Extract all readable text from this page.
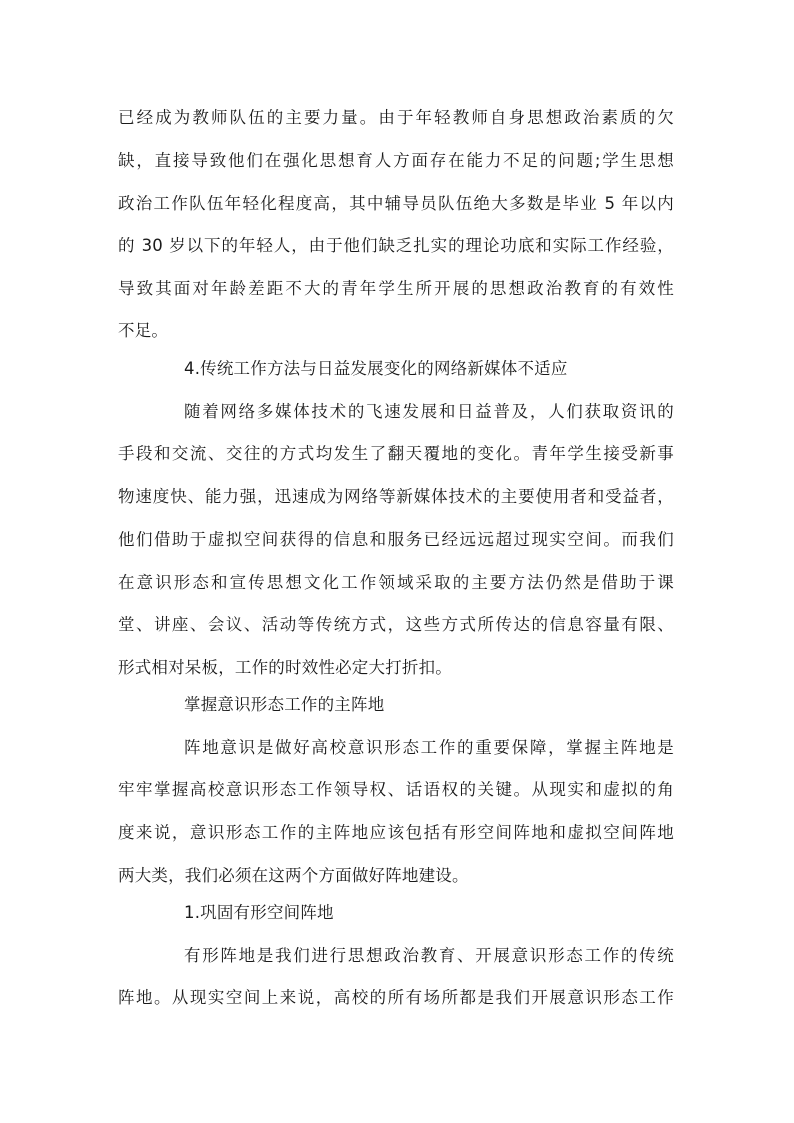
已经成为教师队伍的主要力量。由于年轻教师自身思想政治素质的欠
缺，直接导致他们在强化思想育人方面存在能力不足的问题;学生思想
政治工作队伍年轻化程度高，其中辅导员队伍绝大多数是毕业 5 年以内
的 30 岁以下的年轻人，由于他们缺乏扎实的理论功底和实际工作经验，
导致其面对年龄差距不大的青年学生所开展的思想政治教育的有效性
不足。
4.传统工作方法与日益发展变化的网络新媒体不适应
随着网络多媒体技术的飞速发展和日益普及，人们获取资讯的
手段和交流、交往的方式均发生了翻天覆地的变化。青年学生接受新事
物速度快、能力强，迅速成为网络等新媒体技术的主要使用者和受益者，
他们借助于虚拟空间获得的信息和服务已经远远超过现实空间。而我们
在意识形态和宣传思想文化工作领域采取的主要方法仍然是借助于课
堂、讲座、会议、活动等传统方式，这些方式所传达的信息容量有限、
形式相对呆板，工作的时效性必定大打折扣。
掌握意识形态工作的主阵地
阵地意识是做好高校意识形态工作的重要保障，掌握主阵地是
牢牢掌握高校意识形态工作领导权、话语权的关键。从现实和虚拟的角
度来说，意识形态工作的主阵地应该包括有形空间阵地和虚拟空间阵地
两大类，我们必须在这两个方面做好阵地建设。
1.巩固有形空间阵地
有形阵地是我们进行思想政治教育、开展意识形态工作的传统
阵地。从现实空间上来说，高校的所有场所都是我们开展意识形态工作
